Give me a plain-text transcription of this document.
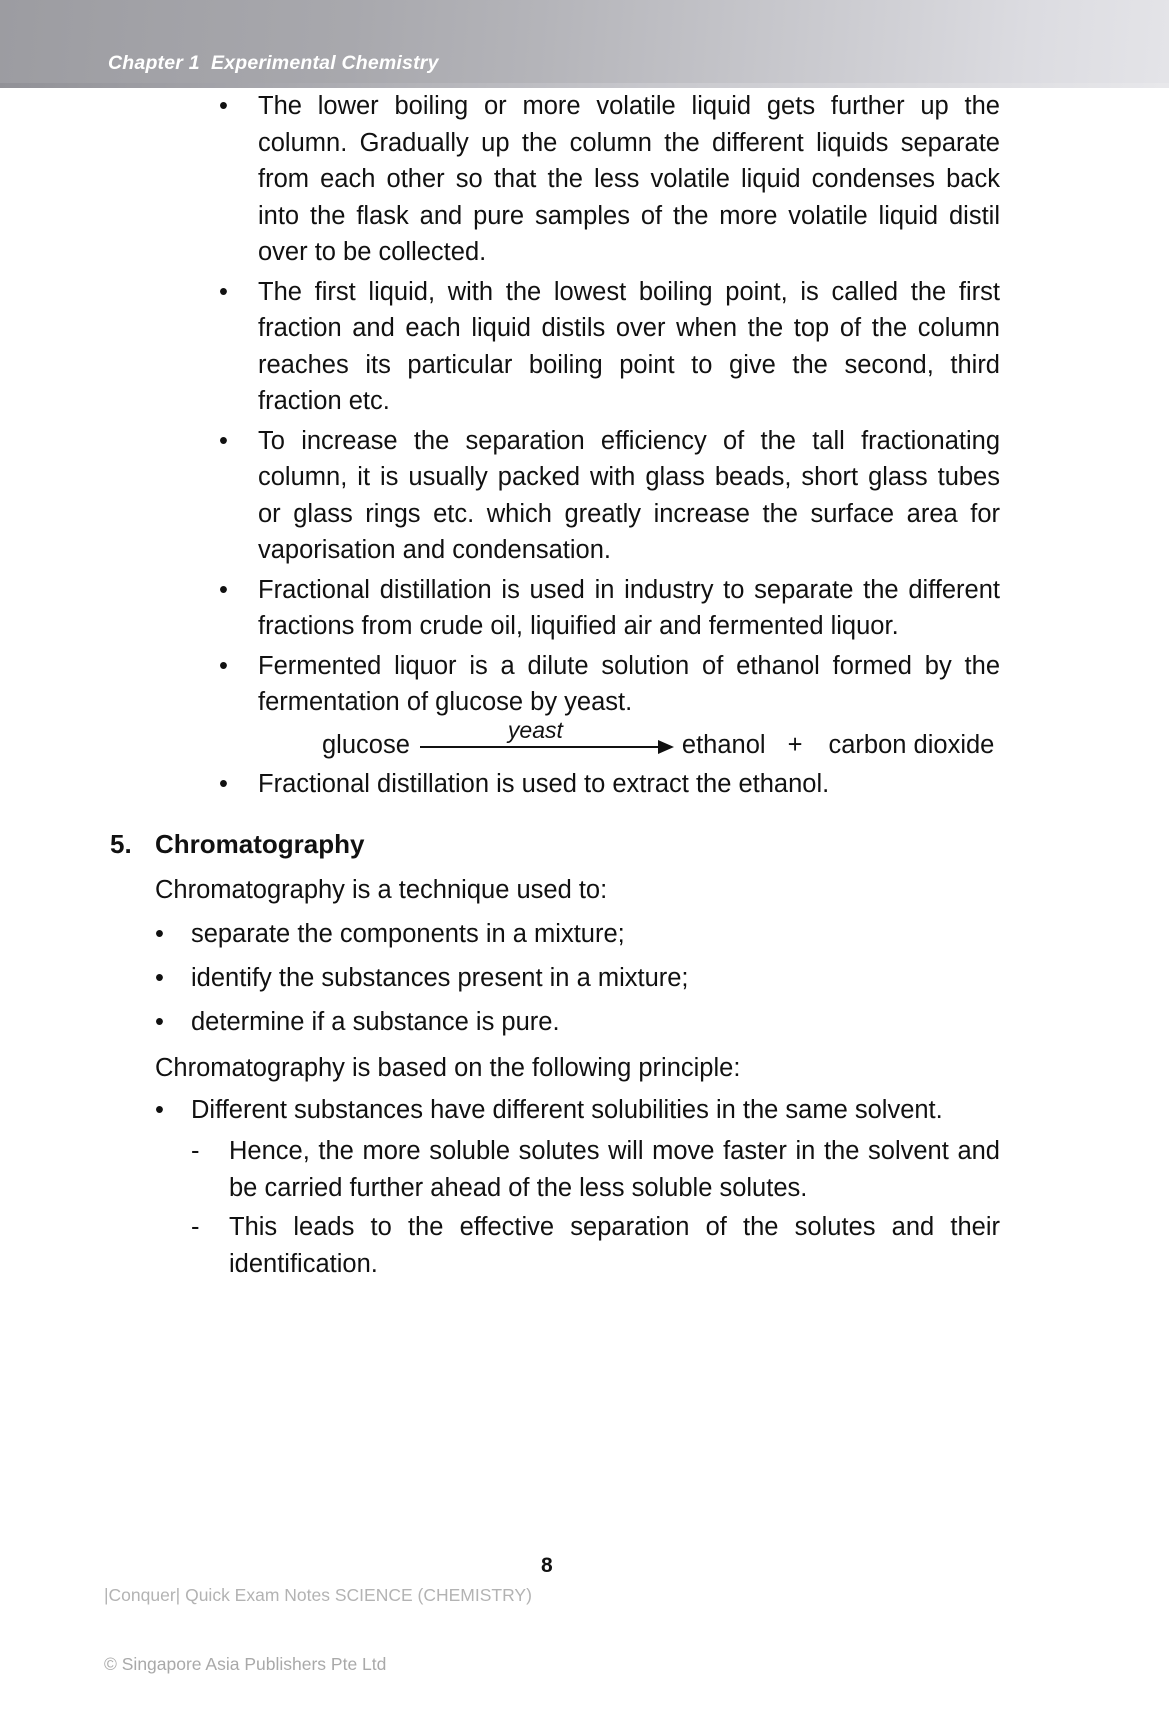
Chapter 1  Experimental Chemistry
• The lower boiling or more volatile liquid gets further up the column. Gradually up the column the different liquids separate from each other so that the less volatile liquid condenses back into the flask and pure samples of the more volatile liquid distil over to be collected.
• The first liquid, with the lowest boiling point, is called the first fraction and each liquid distils over when the top of the column reaches its particular boiling point to give the second, third fraction etc.
• To increase the separation efficiency of the tall fractionating column, it is usually packed with glass beads, short glass tubes or glass rings etc. which greatly increase the surface area for vaporisation and condensation.
• Fractional distillation is used in industry to separate the different fractions from crude oil, liquified air and fermented liquor.
• Fermented liquor is a dilute solution of ethanol formed by the fermentation of glucose by yeast.
glucose
yeast
ethanol + carbon dioxide
• Fractional distillation is used to extract the ethanol.
5. Chromatography
Chromatography is a technique used to:
• separate the components in a mixture;
• identify the substances present in a mixture;
• determine if a substance is pure.
Chromatography is based on the following principle:
• Different substances have different solubilities in the same solvent.
- Hence, the more soluble solutes will move faster in the solvent and be carried further ahead of the less soluble solutes.
- This leads to the effective separation of the solutes and their identification.

|Conquer| Quick Exam Notes SCIENCE (CHEMISTRY)

© Singapore Asia Publishers Pte Ltd

8
